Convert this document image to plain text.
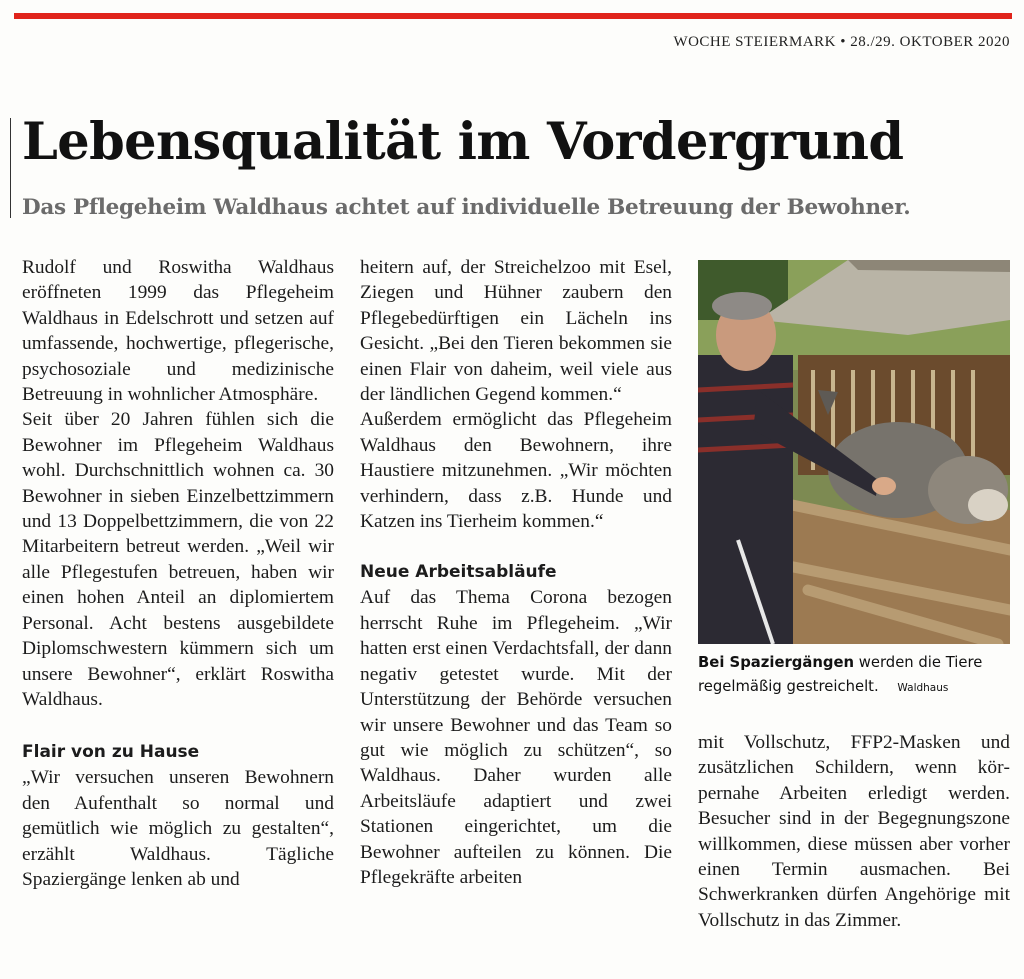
WOCHE STEIERMARK • 28./29. OKTOBER 2020
Lebensqualität im Vordergrund
Das Pflegeheim Waldhaus achtet auf individuelle Betreuung der Bewohner.

Rudolf und Roswitha Waldhaus eröffneten 1999 das Pflegeheim Waldhaus in Edelschrott und setzen auf umfassende, hochwertige, pflegerische, psychosoziale und medizinische Betreuung in wohnlicher Atmosphäre.

Seit über 20 Jahren fühlen sich die Bewohner im Pflegeheim Waldhaus wohl. Durchschnittlich wohnen ca. 30 Bewohner in sieben Einzelbettzimmern und 13 Doppelbettzimmern, die von 22 Mitarbeitern betreut werden. „Weil wir alle Pflegestufen betreuen, haben wir einen hohen Anteil an diplomiertem Personal. Acht bestens ausgebildete Diplomschwestern kümmern sich um unsere Bewohner“, erklärt Roswitha Waldhaus.

Flair von zu Hause

„Wir versuchen unseren Bewohnern den Aufenthalt so normal und gemütlich wie möglich zu gestalten“, erzählt Waldhaus. Tägliche Spaziergänge lenken ab und

heitern auf, der Streichelzoo mit Esel, Ziegen und Hühner zaubern den Pflegebedürftigen ein Lächeln ins Gesicht. „Bei den Tieren bekommen sie einen Flair von daheim, weil viele aus der ländlichen Gegend kommen.“

Außerdem ermöglicht das Pflegeheim Waldhaus den Bewohnern, ihre Haustiere mitzunehmen. „Wir möchten verhindern, dass z.B. Hunde und Katzen ins Tierheim kommen.“

Neue Arbeitsabläufe

Auf das Thema Corona bezogen herrscht Ruhe im Pflegeheim. „Wir hatten erst einen Verdachtsfall, der dann negativ getestet wurde. Mit der Unterstützung der Behörde versuchen wir unsere Bewohner und das Team so gut wie möglich zu schützen“, so Waldhaus. Daher wurden alle Arbeitsläufe adaptiert und zwei Stationen eingerichtet, um die Bewohner aufteilen zu können. Die Pflegekräfte arbeiten

Bei Spaziergängen werden die Tiere regelmäßig gestreichelt. Waldhaus

mit Vollschutz, FFP2-Masken und zusätzlichen Schildern, wenn körpernahe Arbeiten erledigt werden. Besucher sind in der Begegnungszone willkommen, diese müssen aber vorher einen Termin ausmachen. Bei Schwerkranken dürfen Angehörige mit Vollschutz in das Zimmer.
